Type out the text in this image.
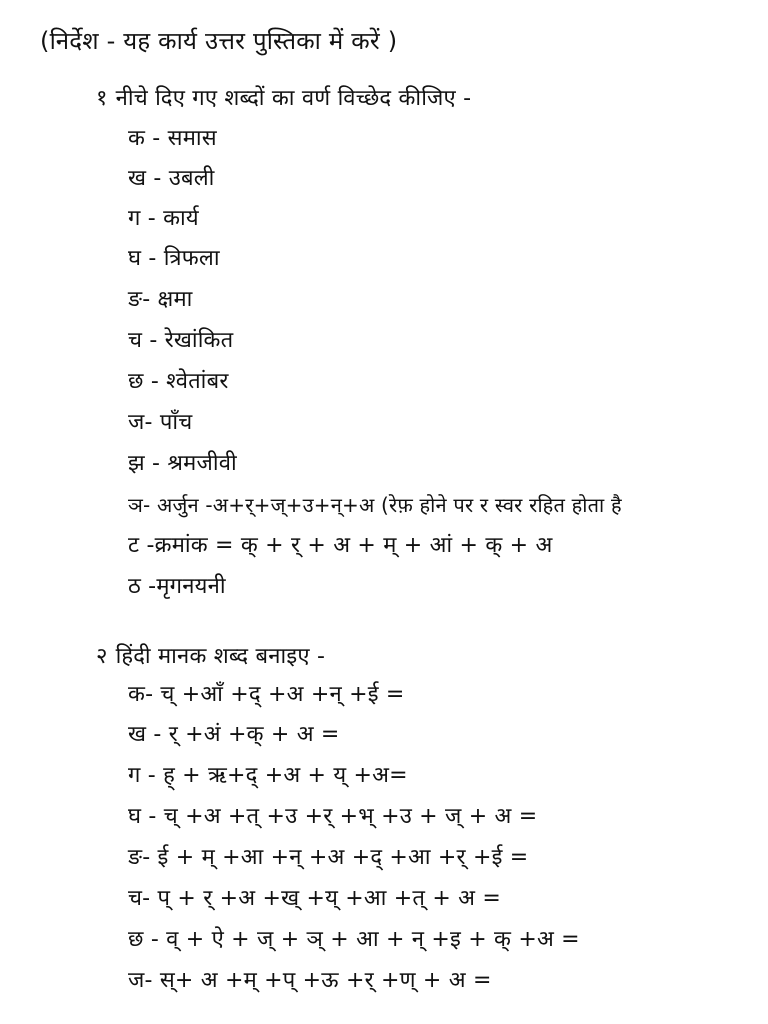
(निर्देश - यह कार्य उत्तर पुस्तिका में करें )
१ नीचे दिए गए शब्दों का वर्ण विच्छेद कीजिए -
क - समास
ख - उबली
ग - कार्य
घ - त्रिफला
ङ- क्षमा
च - रेखांकित
छ - श्वेतांबर
ज- पाँच
झ - श्रमजीवी
ञ- अर्जुन -अ+र्+ज्+उ+न्+अ (रेफ़ होने पर र स्वर रहित होता है
ट -क्रमांक = क् + र् + अ + म् + आं + क् + अ
ठ -मृगनयनी
२ हिंदी मानक शब्द बनाइए -
क- च् +आँ +द् +अ +न् +ई =
ख - र् +अं +क् + अ =
ग - ह् + ऋ+द् +अ + य् +अ=
घ - च् +अ +त् +उ +र् +भ् +उ + ज् + अ =
ङ- ई + म् +आ +न् +अ +द् +आ +र् +ई =
च- प् + र् +अ +ख् +य् +आ +त् + अ =
छ - व् + ऐ + ज् + ञ् + आ + न् +इ + क् +अ =
ज- स्+ अ +म् +प् +ऊ +र् +ण् + अ =
